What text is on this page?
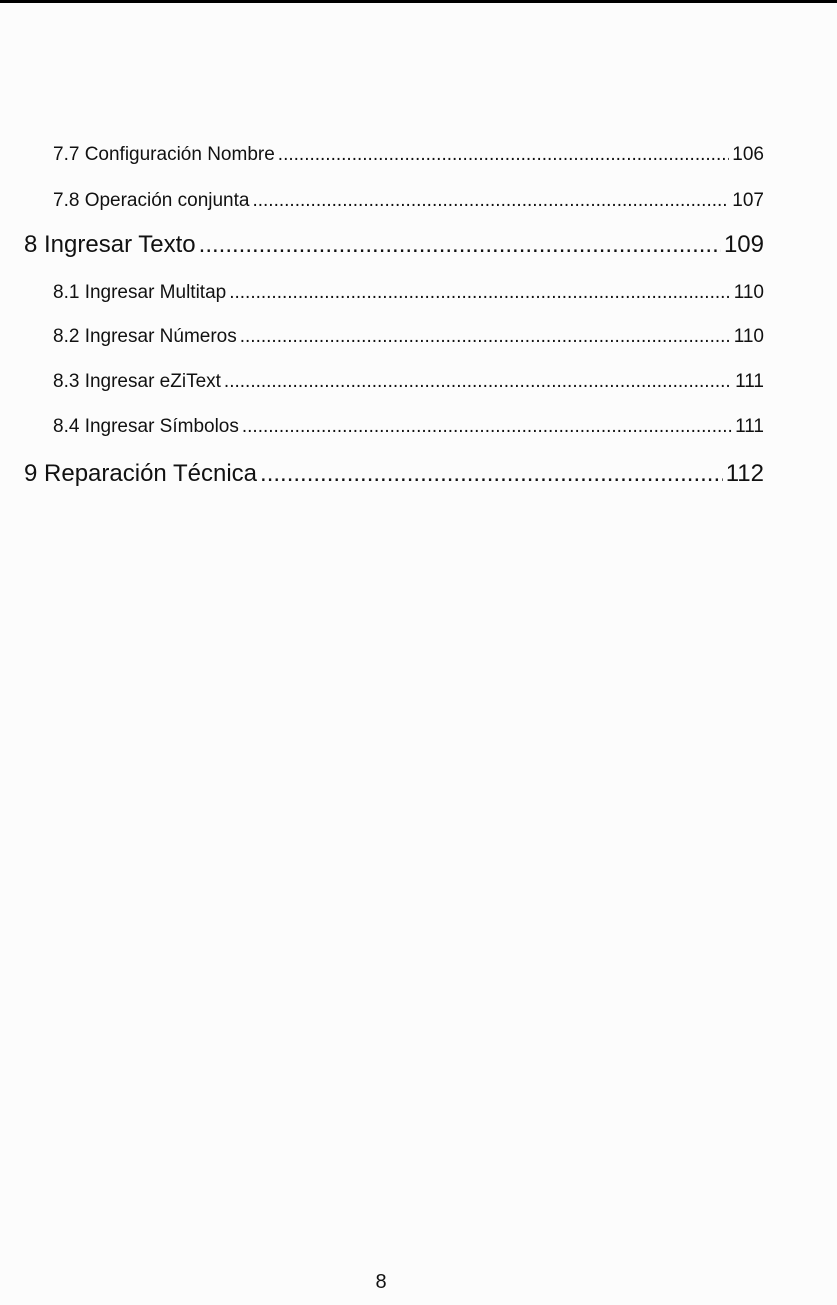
7.7 Configuración Nombre .....	106
7.8 Operación conjunta .....	107
8 Ingresar Texto .....	109
8.1 Ingresar Multitap .....	110
8.2 Ingresar Números .....	110
8.3 Ingresar eZiText .....	111
8.4 Ingresar Símbolos .....	111
9 Reparación Técnica .....	112
8
